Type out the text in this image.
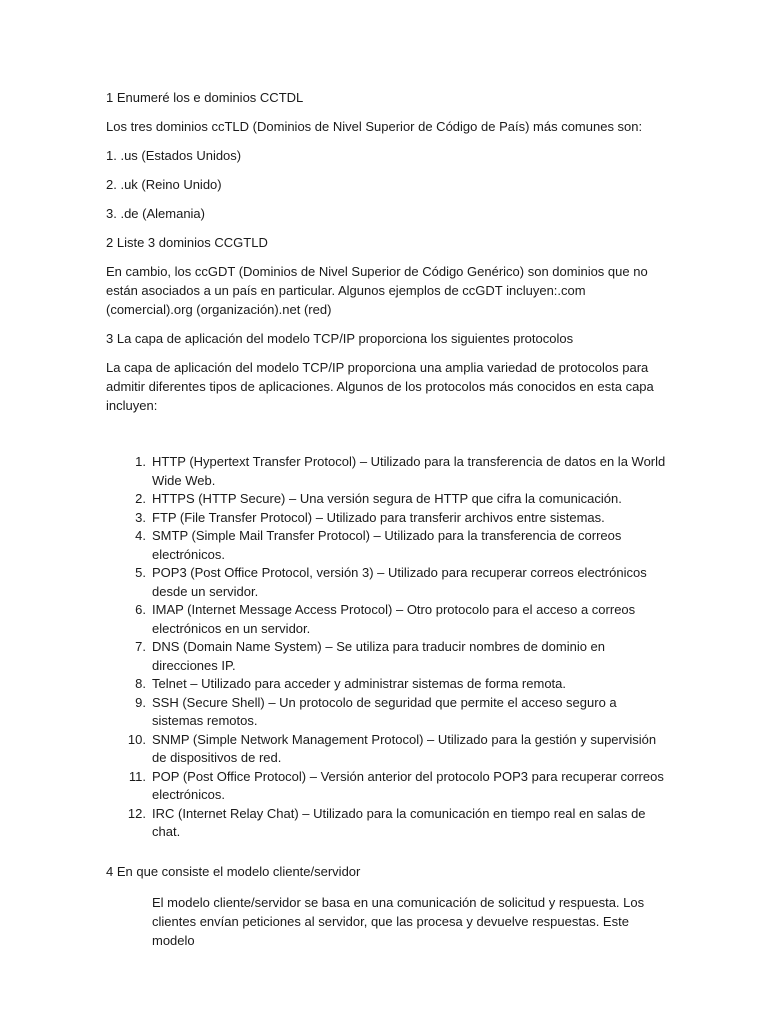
1 Enumeré los e dominios CCTDL

Los tres dominios ccTLD (Dominios de Nivel Superior de Código de País) más comunes son:

1. .us (Estados Unidos)

2. .uk (Reino Unido)

3. .de (Alemania)

2 Liste 3 dominios CCGTLD

En cambio, los ccGDT (Dominios de Nivel Superior de Código Genérico) son dominios que no están asociados a un país en particular. Algunos ejemplos de ccGDT incluyen:.com (comercial).org (organización).net (red)

3 La capa de aplicación del modelo TCP/IP proporciona los siguientes protocolos

La capa de aplicación del modelo TCP/IP proporciona una amplia variedad de protocolos para admitir diferentes tipos de aplicaciones. Algunos de los protocolos más conocidos en esta capa incluyen:

1. HTTP (Hypertext Transfer Protocol) – Utilizado para la transferencia de datos en la World Wide Web.
2. HTTPS (HTTP Secure) – Una versión segura de HTTP que cifra la comunicación.
3. FTP (File Transfer Protocol) – Utilizado para transferir archivos entre sistemas.
4. SMTP (Simple Mail Transfer Protocol) – Utilizado para la transferencia de correos electrónicos.
5. POP3 (Post Office Protocol, versión 3) – Utilizado para recuperar correos electrónicos desde un servidor.
6. IMAP (Internet Message Access Protocol) – Otro protocolo para el acceso a correos electrónicos en un servidor.
7. DNS (Domain Name System) – Se utiliza para traducir nombres de dominio en direcciones IP.
8. Telnet – Utilizado para acceder y administrar sistemas de forma remota.
9. SSH (Secure Shell) – Un protocolo de seguridad que permite el acceso seguro a sistemas remotos.
10. SNMP (Simple Network Management Protocol) – Utilizado para la gestión y supervisión de dispositivos de red.
11. POP (Post Office Protocol) – Versión anterior del protocolo POP3 para recuperar correos electrónicos.
12. IRC (Internet Relay Chat) – Utilizado para la comunicación en tiempo real en salas de chat.

4 En que consiste el modelo cliente/servidor

El modelo cliente/servidor se basa en una comunicación de solicitud y respuesta. Los clientes envían peticiones al servidor, que las procesa y devuelve respuestas. Este modelo
